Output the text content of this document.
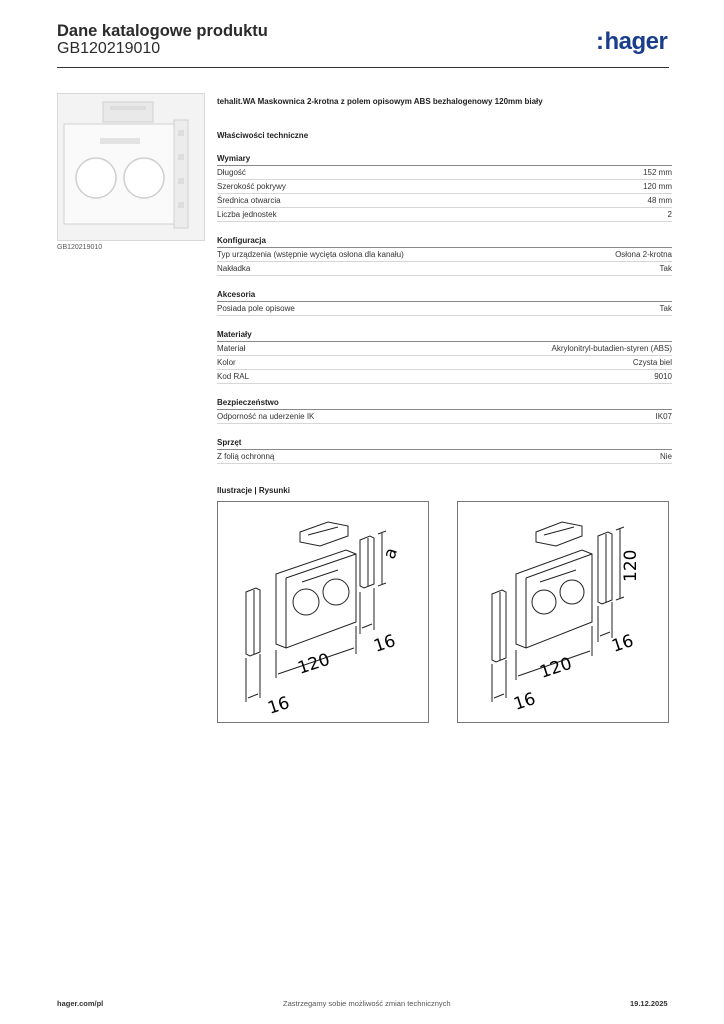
Dane katalogowe produktu
GB120219010	:hager
GB120219010
tehalit.WA Maskownica 2-krotna z polem opisowym ABS bezhalogenowy 120mm biały
Właściwości techniczne
Wymiary
Długość	152 mm
Szerokość pokrywy	120 mm
Średnica otwarcia	48 mm
Liczba jednostek	2
Konfiguracja
Typ urządzenia (wstępnie wycięta osłona dla kanału)	Osłona 2-krotna
Nakładka	Tak
Akcesoria
Posiada pole opisowe	Tak
Materiały
Materiał	Akrylonitryl-butadien-styren (ABS)
Kolor	Czysta biel
Kod RAL	9010
Bezpieczeństwo
Odporność na uderzenie IK	IK07
Sprzęt
Z folią ochronną	Nie
Ilustracje | Rysunki
a
120
16
16
120
120
16
16
hager.com/pl	Zastrzegamy sobie możliwość zmian technicznych	19.12.2025
